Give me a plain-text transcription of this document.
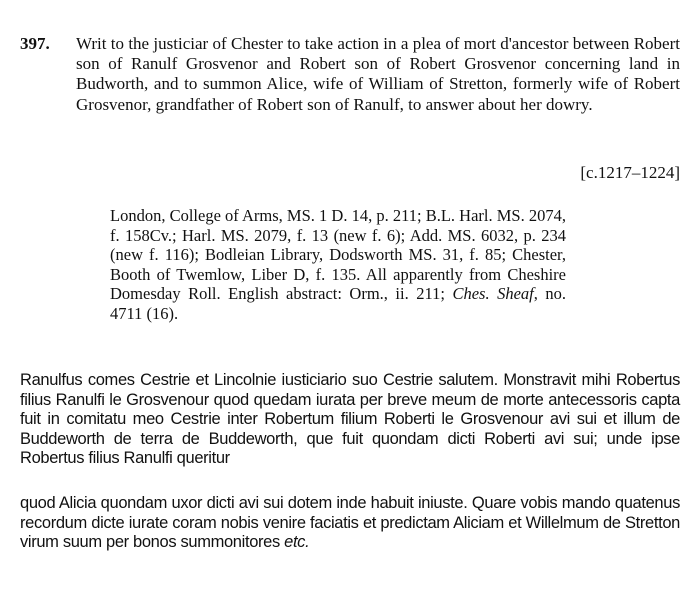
397. Writ to the justiciar of Chester to take action in a plea of mort d'ancestor between Robert son of Ranulf Grosvenor and Robert son of Robert Grosvenor concerning land in Budworth, and to summon Alice, wife of William of Stretton, formerly wife of Robert Grosvenor, grandfather of Robert son of Ranulf, to answer about her dowry.
[c.1217–1224]
London, College of Arms, MS. 1 D. 14, p. 211; B.L. Harl. MS. 2074, f. 158Cv.; Harl. MS. 2079, f. 13 (new f. 6); Add. MS. 6032, p. 234 (new f. 116); Bodleian Library, Dodsworth MS. 31, f. 85; Chester, Booth of Twemlow, Liber D, f. 135. All apparently from Cheshire Domesday Roll. English abstract: Orm., ii. 211; Ches. Sheaf, no. 4711 (16).
Ranulfus comes Cestrie et Lincolnie iusticiario suo Cestrie salutem. Monstravit mihi Robertus filius Ranulfi le Grosvenour quod quedam iurata per breve meum de morte antecessoris capta fuit in comitatu meo Cestrie inter Robertum filium Roberti le Grosvenour avi sui et illum de Buddeworth de terra de Buddeworth, que fuit quondam dicti Roberti avi sui; unde ipse Robertus filius Ranulfi queritur
quod Alicia quondam uxor dicti avi sui dotem inde habuit iniuste. Quare vobis mando quatenus recordum dicte iurate coram nobis venire faciatis et predictam Aliciam et Willelmum de Stretton virum suum per bonos summonitores etc.
